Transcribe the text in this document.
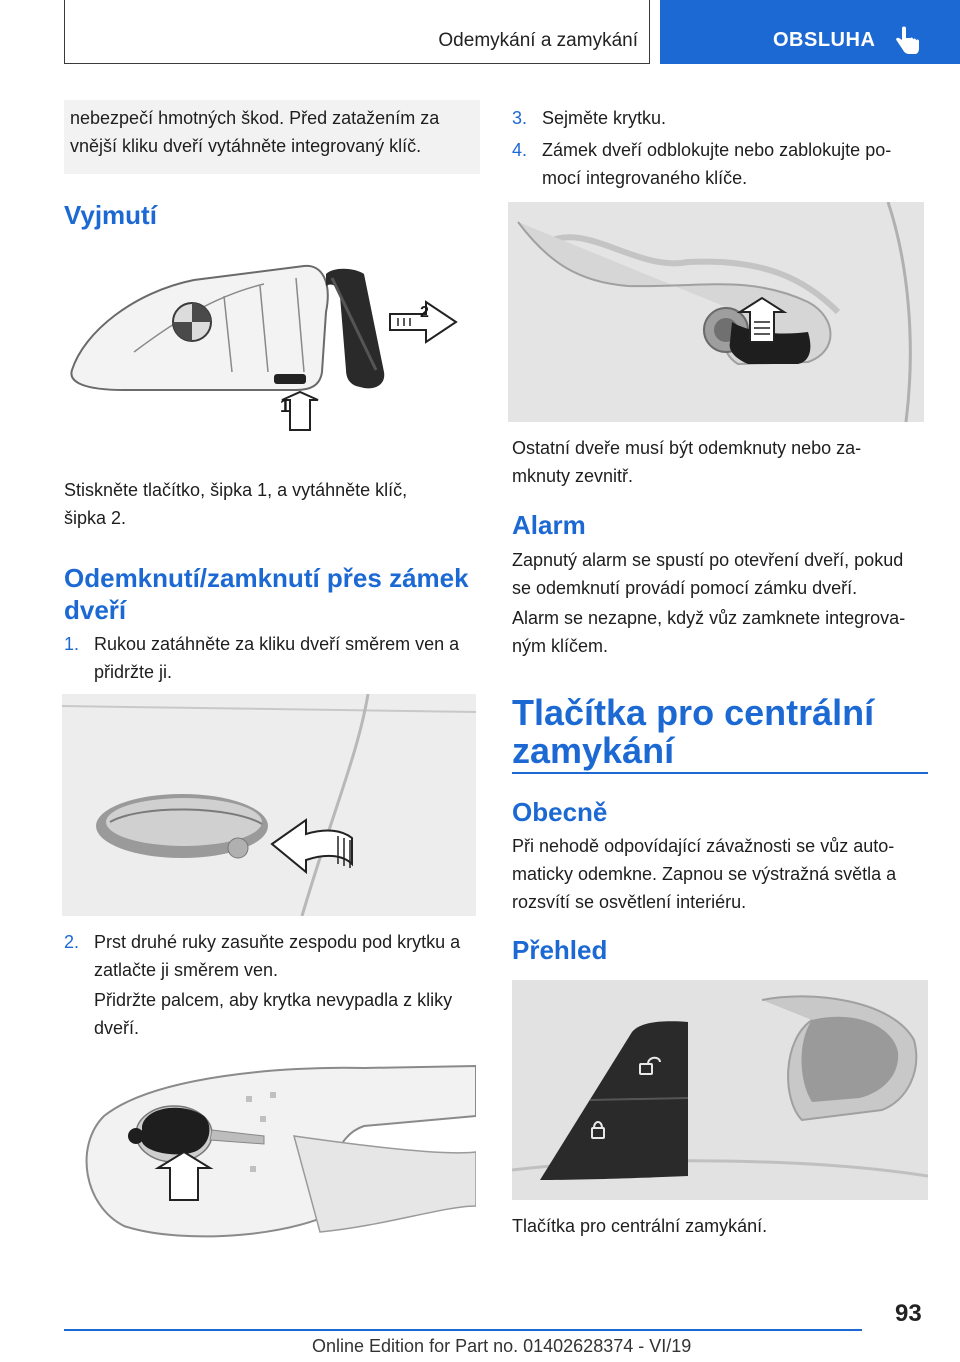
Odemykání a zamykání	OBSLUHA
nebezpečí hmotných škod. Před zatažením za
vnější kliku dveří vytáhněte integrovaný klíč.
Vyjmutí
2
1
Stiskněte tlačítko, šipka 1, a vytáhněte klíč,
šipka 2.
Odemknutí/zamknutí přes zámek
dveří
1. Rukou zatáhněte za kliku dveří směrem ven a
přidržte ji.
2. Prst druhé ruky zasuňte zespodu pod krytku a
zatlačte ji směrem ven.
Přidržte palcem, aby krytka nevypadla z kliky
dveří.
3. Sejměte krytku.
4. Zámek dveří odblokujte nebo zablokujte po-
mocí integrovaného klíče.
Ostatní dveře musí být odemknuty nebo za-
mknuty zevnitř.
Alarm
Zapnutý alarm se spustí po otevření dveří, pokud
se odemknutí provádí pomocí zámku dveří.
Alarm se nezapne, když vůz zamknete integrova-
ným klíčem.
Tlačítka pro centrální
zamykání
Obecně
Při nehodě odpovídající závažnosti se vůz auto-
maticky odemkne. Zapnou se výstražná světla a
rozsvítí se osvětlení interiéru.
Přehled
Tlačítka pro centrální zamykání.
93
Online Edition for Part no. 01402628374 - VI/19
